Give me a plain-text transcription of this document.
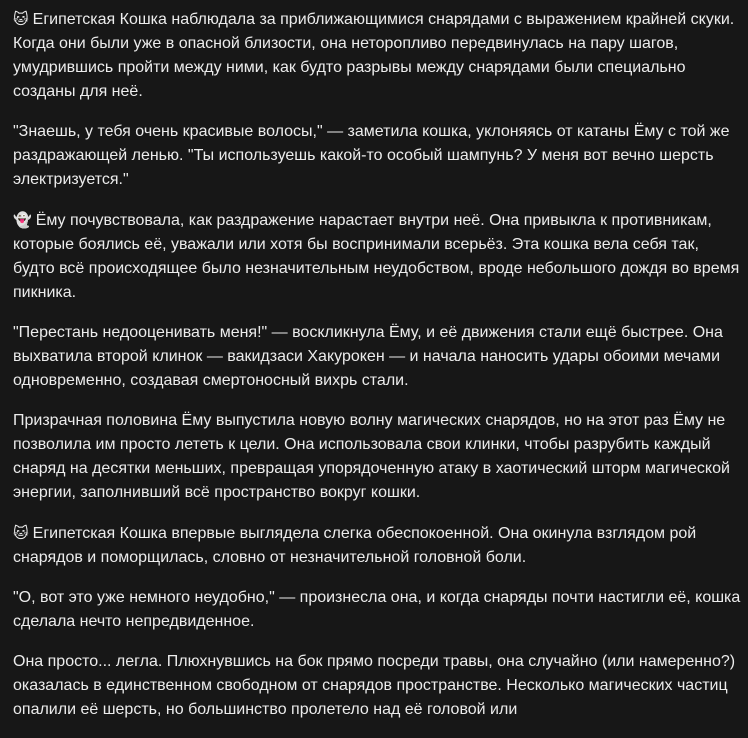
🐱 Египетская Кошка наблюдала за приближающимися снарядами с выражением крайней скуки. Когда они были уже в опасной близости, она неторопливо передвинулась на пару шагов, умудрившись пройти между ними, как будто разрывы между снарядами были специально созданы для неё.

"Знаешь, у тебя очень красивые волосы," — заметила кошка, уклоняясь от катаны Ёму с той же раздражающей ленью. "Ты используешь какой-то особый шампунь? У меня вот вечно шерсть электризуется."

👻 Ёму почувствовала, как раздражение нарастает внутри неё. Она привыкла к противникам, которые боялись её, уважали или хотя бы воспринимали всерьёз. Эта кошка вела себя так, будто всё происходящее было незначительным неудобством, вроде небольшого дождя во время пикника.

"Перестань недооценивать меня!" — воскликнула Ёму, и её движения стали ещё быстрее. Она выхватила второй клинок — вакидзаси Хакурокен — и начала наносить удары обоими мечами одновременно, создавая смертоносный вихрь стали.

Призрачная половина Ёму выпустила новую волну магических снарядов, но на этот раз Ёму не позволила им просто лететь к цели. Она использовала свои клинки, чтобы разрубить каждый снаряд на десятки меньших, превращая упорядоченную атаку в хаотический шторм магической энергии, заполнивший всё пространство вокруг кошки.

🐱 Египетская Кошка впервые выглядела слегка обеспокоенной. Она окинула взглядом рой снарядов и поморщилась, словно от незначительной головной боли.

"О, вот это уже немного неудобно," — произнесла она, и когда снаряды почти настигли её, кошка сделала нечто непредвиденное.

Она просто... легла. Плюхнувшись на бок прямо посреди травы, она случайно (или намеренно?) оказалась в единственном свободном от снарядов пространстве. Несколько магических частиц опалили её шерсть, но большинство пролетело над её головой или
